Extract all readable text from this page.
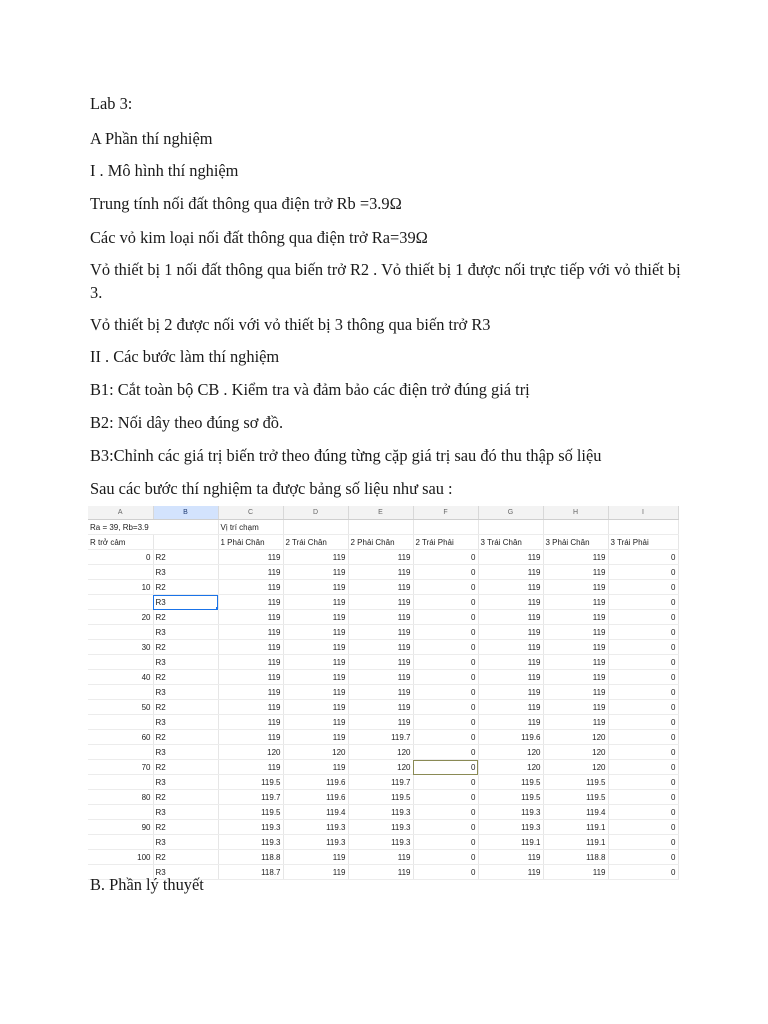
Lab 3:

A Phần thí nghiệm

I . Mô hình thí nghiệm

Trung tính nối đất thông qua điện trở Rb =3.9Ω

Các vỏ kim loại nối đất thông qua điện trở Ra=39Ω

Vỏ thiết bị 1 nối đất thông qua biến trở R2 . Vỏ thiết bị 1 được nối trực tiếp với vỏ thiết bị 3.

Vỏ thiết bị 2 được nối với vỏ thiết bị 3 thông qua biến trở R3

II . Các bước làm thí nghiệm

B1: Cắt toàn bộ CB . Kiểm tra và đảm bảo các điện trở đúng giá trị

B2: Nối dây theo đúng sơ đồ.

B3:Chỉnh các giá trị biến trở theo đúng từng cặp giá trị sau đó thu thập số liệu

Sau các bước thí nghiệm ta được bảng số liệu như sau :

A	B	C	D	E	F	G	H	I
Ra = 39, Rb=3.9		Vị trí chạm						
R trở cảm		1 Phải Chân	2 Trái Chân	2 Phải Chân	2 Trái Phải	3 Trái Chân	3 Phải Chân	3 Trái Phải
0	R2	119	119	119	0	119	119	0
	R3	119	119	119	0	119	119	0
10	R2	119	119	119	0	119	119	0
	R3	119	119	119	0	119	119	0
20	R2	119	119	119	0	119	119	0
	R3	119	119	119	0	119	119	0
30	R2	119	119	119	0	119	119	0
	R3	119	119	119	0	119	119	0
40	R2	119	119	119	0	119	119	0
	R3	119	119	119	0	119	119	0
50	R2	119	119	119	0	119	119	0
	R3	119	119	119	0	119	119	0
60	R2	119	119	119.7	0	119.6	120	0
	R3	120	120	120	0	120	120	0
70	R2	119	119	120	0	120	120	0
	R3	119.5	119.6	119.7	0	119.5	119.5	0
80	R2	119.7	119.6	119.5	0	119.5	119.5	0
	R3	119.5	119.4	119.3	0	119.3	119.4	0
90	R2	119.3	119.3	119.3	0	119.3	119.1	0
	R3	119.3	119.3	119.3	0	119.1	119.1	0
100	R2	118.8	119	119	0	119	118.8	0
	R3	118.7	119	119	0	119	119	0

B. Phần lý thuyết
